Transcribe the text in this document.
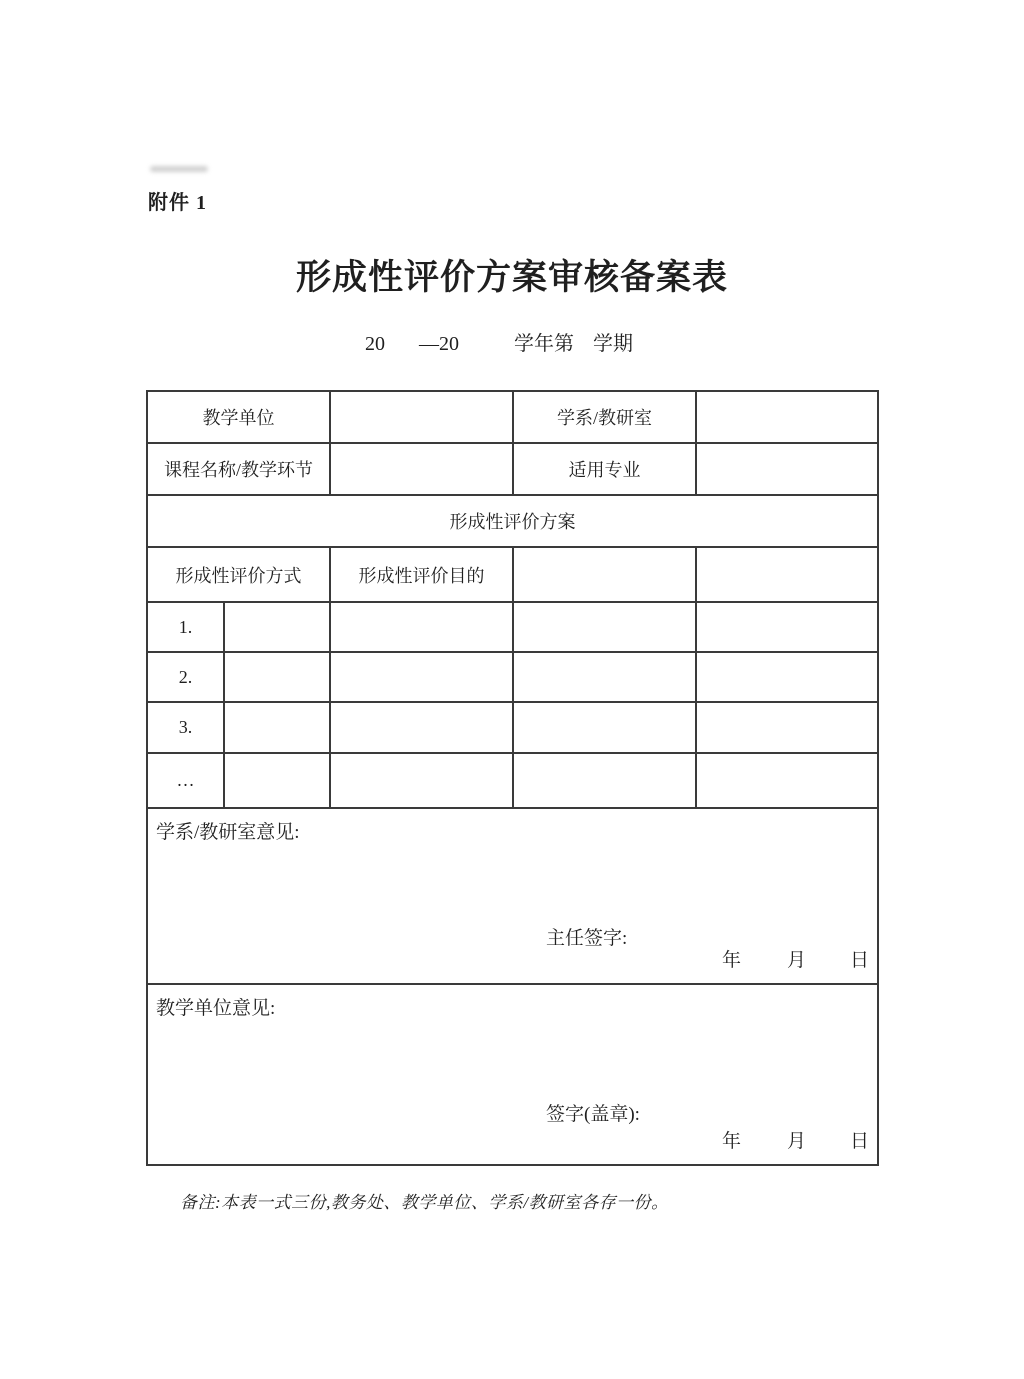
附件 1
形成性评价方案审核备案表
20 —20	学年第 学期
教学单位			学系/教研室	
课程名称/教学环节			适用专业	
形成性评价方案				
形成性评价方式		形成性评价目的		
1.				
2.				
3.				
…				

学系/教研室意见:
主任签字:
年 月 日				

教学单位意见:
签字(盖章):
年 月 日				
备注:本表一式三份,教务处、教学单位、学系/教研室各存一份。
